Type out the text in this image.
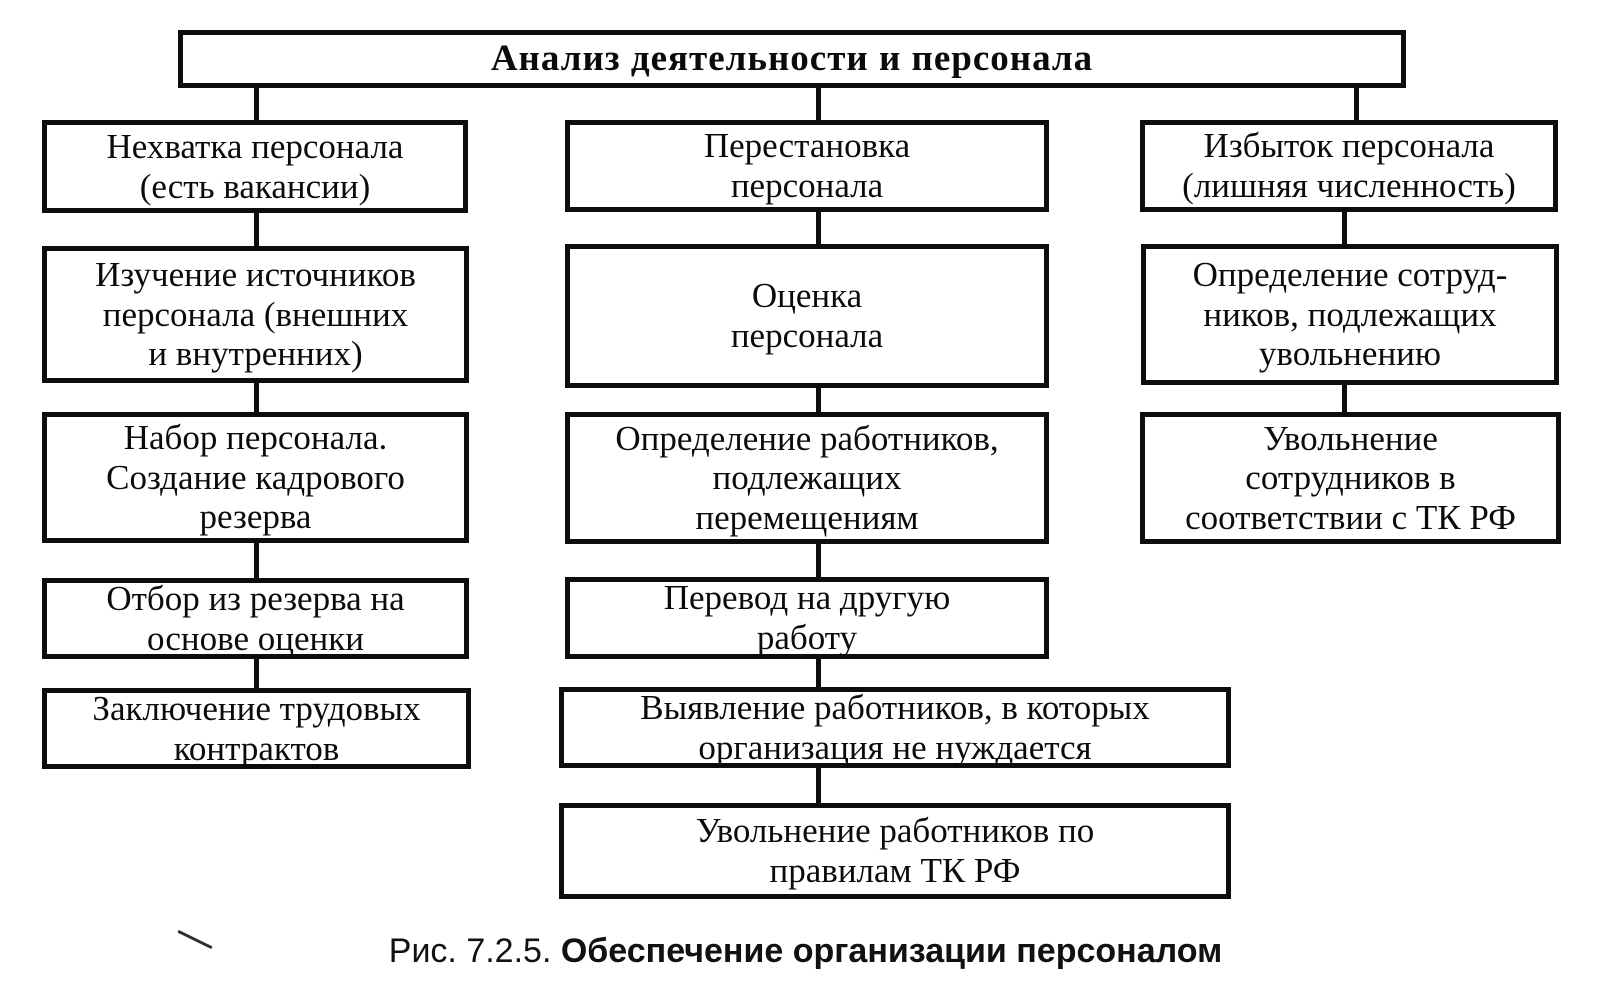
Анализ деятельности и персонала
Нехватка персонала
(есть вакансии)
Изучение источников
персонала (внешних
и внутренних)
Набор персонала.
Создание кадрового
резерва
Отбор из резерва на
основе оценки
Заключение трудовых
контрактов
Перестановка
персонала
Оценка
персонала
Определение работников,
подлежащих
перемещениям
Перевод на другую
работу
Выявление работников, в которых
организация не нуждается
Увольнение работников по
правилам ТК РФ
Избыток персонала
(лишняя численность)
Определение сотруд-
ников, подлежащих
увольнению
Увольнение
сотрудников в
соответствии с ТК РФ
Рис. 7.2.5. Обеспечение организации персоналом
